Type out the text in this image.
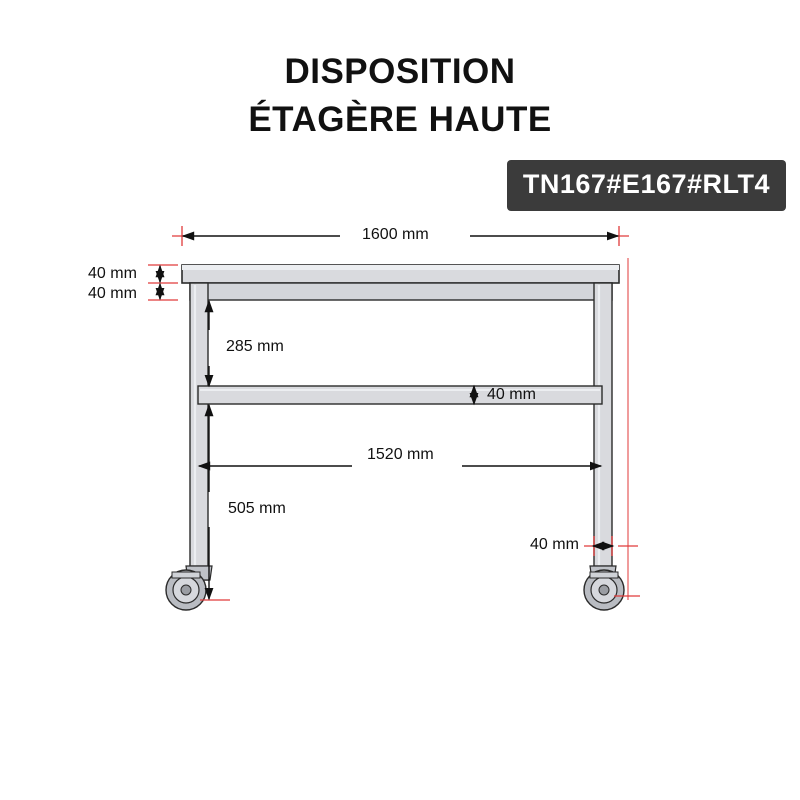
DISPOSITION
ÉTAGÈRE HAUTE
TN167#E167#RLT4
1600 mm
40 mm
40 mm
285 mm
40 mm
1520 mm
505 mm
40 mm
